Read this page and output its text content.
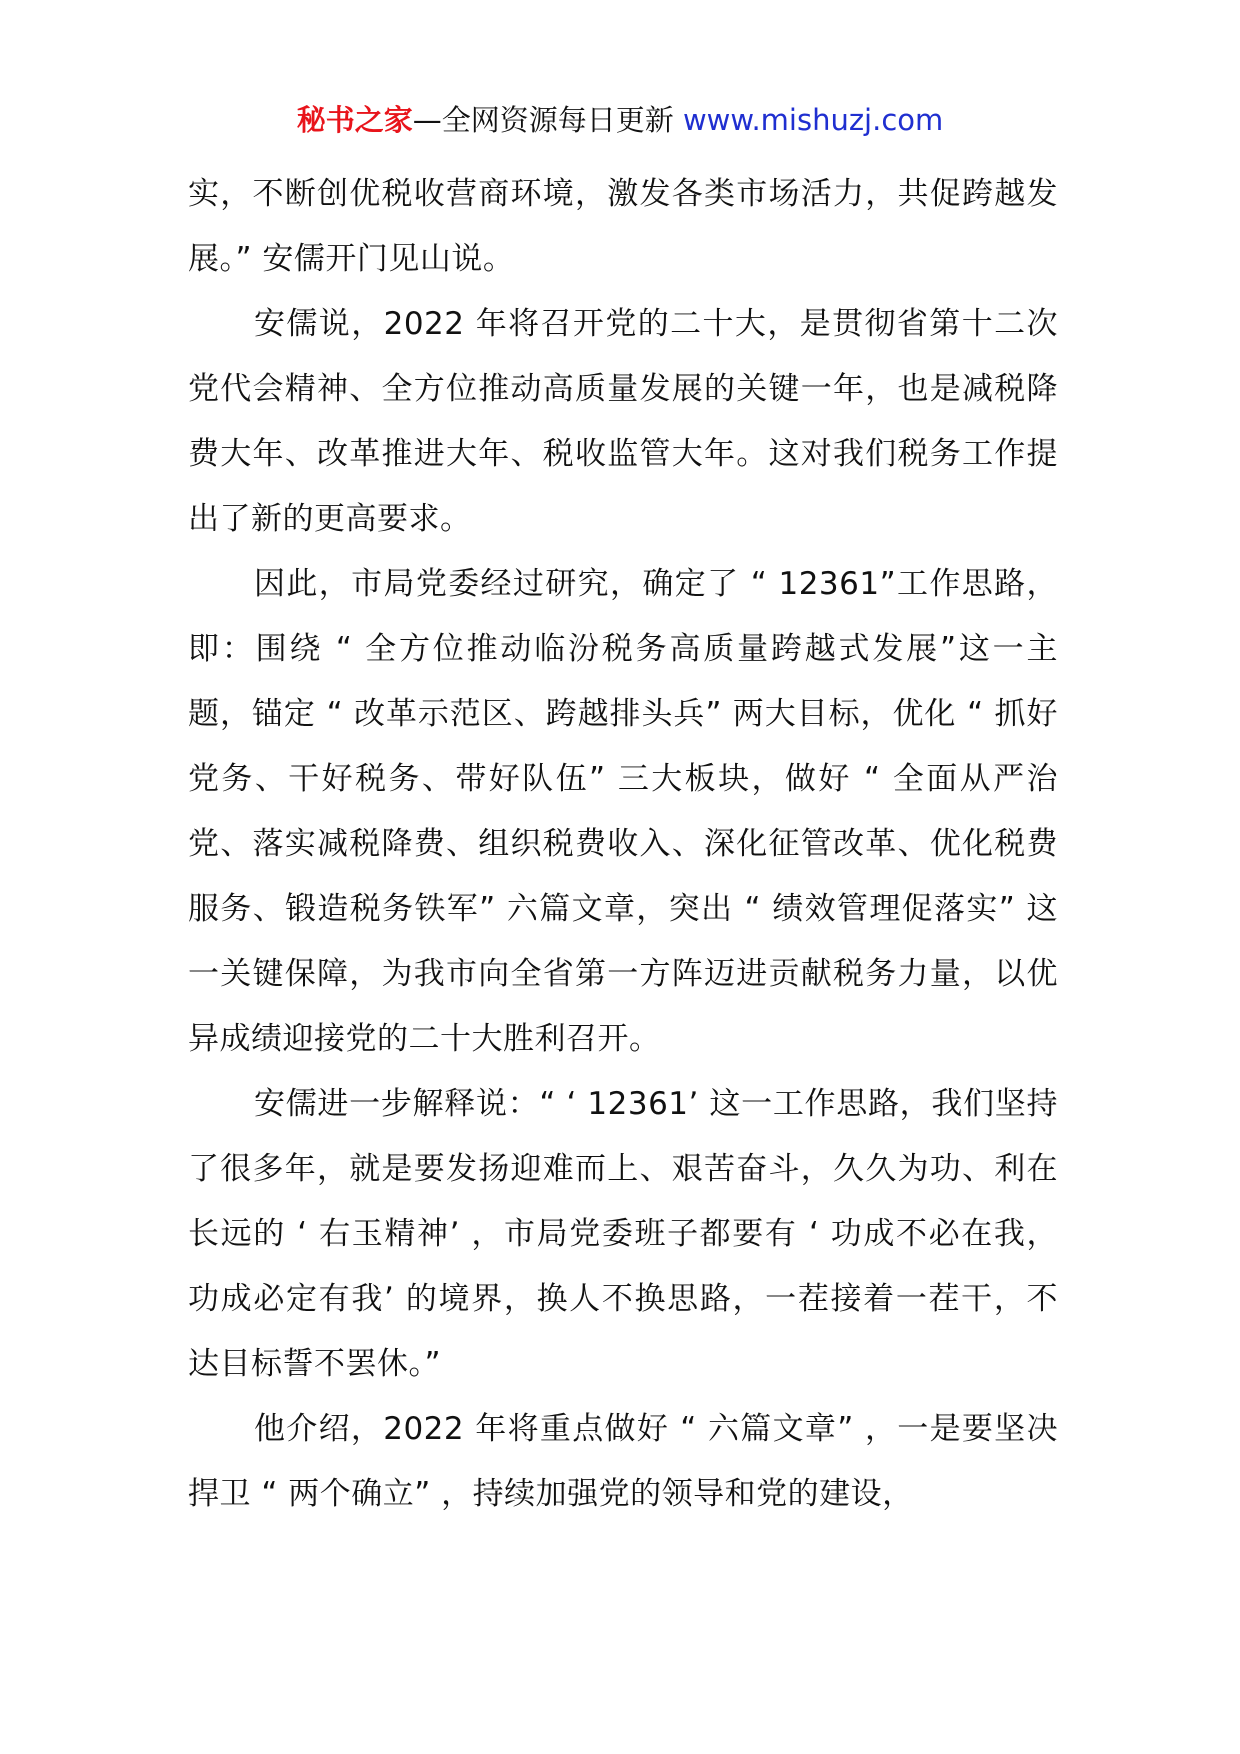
秘书之家—全网资源每日更新 www.mishuzj.com

实，不断创优税收营商环境，激发各类市场活力，共促跨越发展。” 安儒开门见山说。

安儒说，2022 年将召开党的二十大，是贯彻省第十二次党代会精神、全方位推动高质量发展的关键一年，也是减税降费大年、改革推进大年、税收监管大年。这对我们税务工作提出了新的更高要求。

因此，市局党委经过研究，确定了 “ 12361”工作思路，即：围绕 “ 全方位推动临汾税务高质量跨越式发展”这一主题，锚定 “ 改革示范区、跨越排头兵” 两大目标，优化 “ 抓好党务、干好税务、带好队伍” 三大板块，做好 “ 全面从严治党、落实减税降费、组织税费收入、深化征管改革、优化税费服务、锻造税务铁军” 六篇文章，突出 “ 绩效管理促落实” 这一关键保障，为我市向全省第一方阵迈进贡献税务力量，以优异成绩迎接党的二十大胜利召开。

安儒进一步解释说：“ ‘ 12361’ 这一工作思路，我们坚持了很多年，就是要发扬迎难而上、艰苦奋斗，久久为功、利在长远的 ‘ 右玉精神’ ，市局党委班子都要有 ‘ 功成不必在我，功成必定有我’ 的境界，换人不换思路，一茬接着一茬干，不达目标誓不罢休。”

他介绍，2022 年将重点做好 “ 六篇文章” ，一是要坚决捍卫 “ 两个确立” ，持续加强党的领导和党的建设，
